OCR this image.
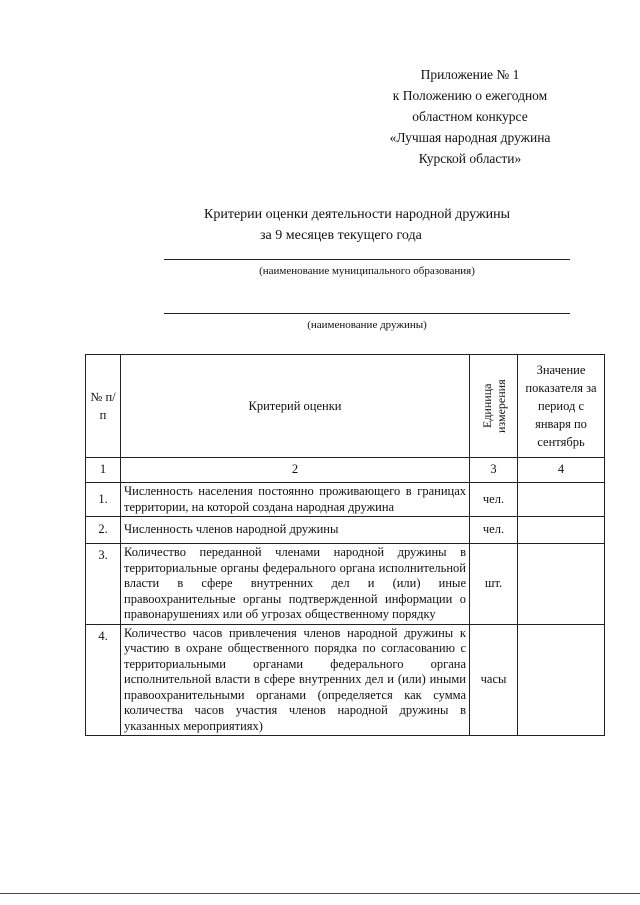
Приложение № 1
к Положению о ежегодном
областном конкурсе
«Лучшая народная дружина
Курской области»
Критерии оценки деятельности народной дружины
за 9 месяцев текущего года
(наименование муниципального образования)
(наименование дружины)
№ п/п	Критерий оценки	Единица измерения	Значение показателя за период с января по сентябрь
1	2	3	4
1.	Численность населения постоянно проживающего в границах территории, на которой создана народная дружина	чел.	
2.	Численность членов народной дружины	чел.	
3.	Количество переданной членами народной дружины в территориальные органы федерального органа исполнительной власти в сфере внутренних дел и (или) иные правоохранительные органы подтвержденной информации о правонарушениях или об угрозах общественному порядку	шт.	
4.	Количество часов привлечения членов народной дружины к участию в охране общественного порядка по согласованию с территориальными органами федерального органа исполнительной власти в сфере внутренних дел и (или) иными правоохранительными органами (определяется как сумма количества часов участия членов народной дружины в указанных мероприятиях)	часы	
